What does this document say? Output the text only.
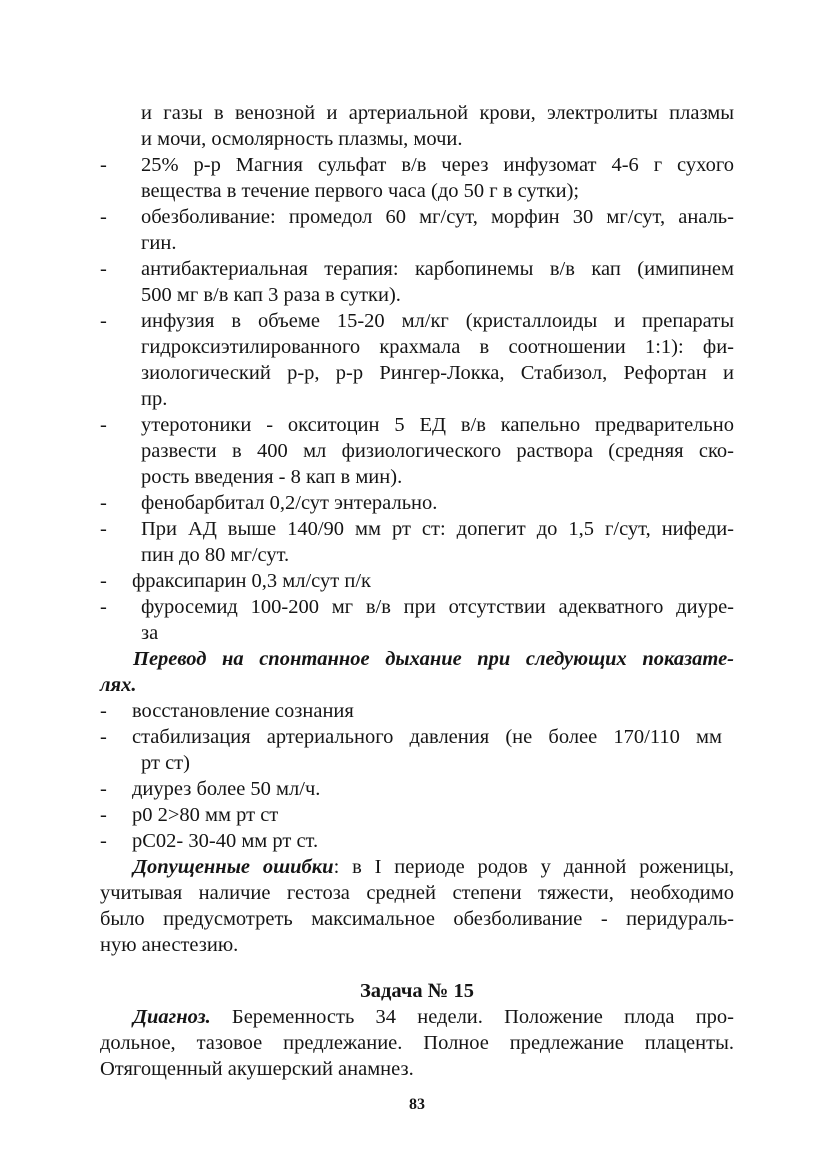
и газы в венозной и артериальной крови, электролиты плазмы
и мочи, осмолярность плазмы, мочи.
- 25% р-р Магния сульфат в/в через инфузомат 4-6 г сухого
вещества в течение первого часа (до 50 г в сутки);
- обезболивание: промедол 60 мг/сут, морфин 30 мг/сут, аналь-
гин.
- антибактериальная терапия: карбопинемы в/в кап (имипинем
500 мг в/в кап 3 раза в сутки).
- инфузия в объеме 15-20 мл/кг (кристаллоиды и препараты
гидроксиэтилированного крахмала в соотношении 1:1): фи-
зиологический р-р, р-р Рингер-Локка, Стабизол, Рефортан и
пр.
- утеротоники - окситоцин 5 ЕД в/в капельно предварительно
развести в 400 мл физиологического раствора (средняя ско-
рость введения - 8 кап в мин).
- фенобарбитал 0,2/сут энтерально.
- При АД выше 140/90 мм рт ст: допегит до 1,5 г/сут, нифеди-
пин до 80 мг/сут.
- фраксипарин 0,3 мл/сут п/к
- фуросемид 100-200 мг в/в при отсутствии адекватного диуре-
за
Перевод на спонтанное дыхание при следующих показате-
лях.
- восстановление сознания
- стабилизация артериального давления (не более 170/110 мм
рт ст)
- диурез более 50 мл/ч.
- р0 2>80 мм рт ст
- рС02- 30-40 мм рт ст.
Допущенные ошибки: в I периоде родов у данной роженицы,
учитывая наличие гестоза средней степени тяжести, необходимо
было предусмотреть максимальное обезболивание - перидураль-
ную анестезию.
Задача № 15
Диагноз. Беременность 34 недели. Положение плода про-
дольное, тазовое предлежание. Полное предлежание плаценты.
Отягощенный акушерский анамнез.
83
